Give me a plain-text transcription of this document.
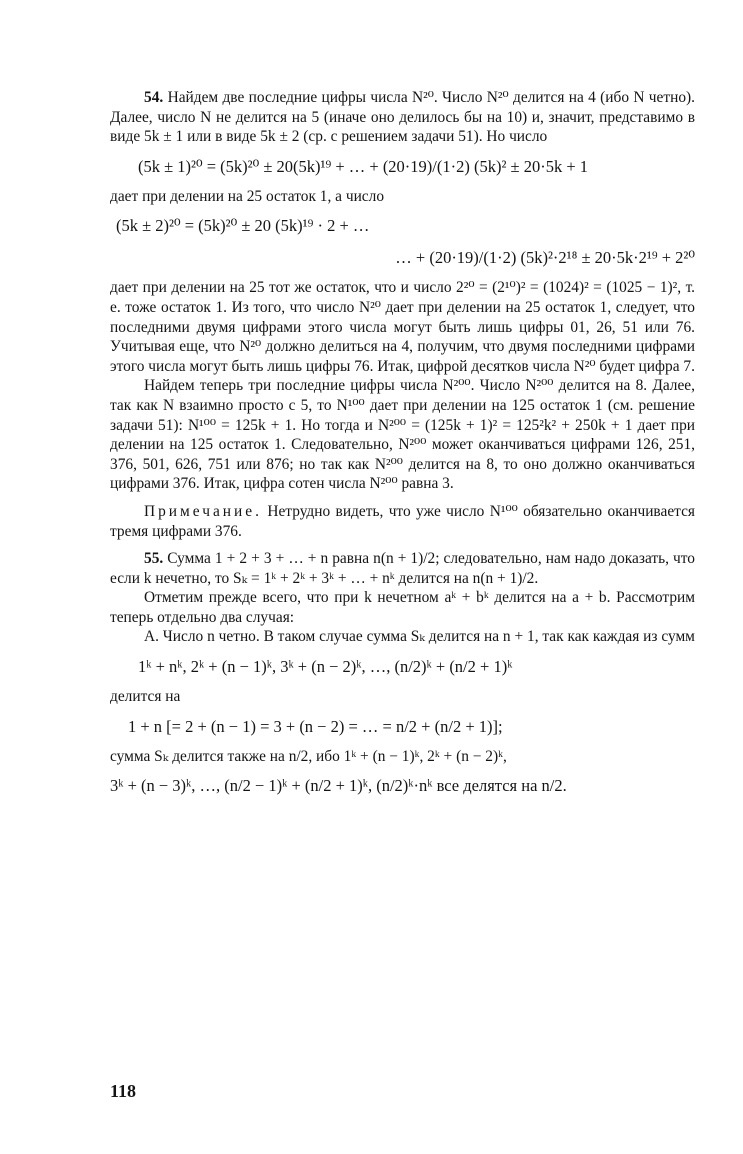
54. Найдем две последние цифры числа N²⁰. Число N²⁰ делится на 4 (ибо N четно). Далее, число N не делится на 5 (иначе оно делилось бы на 10) и, значит, представимо в виде 5k ± 1 или в виде 5k ± 2 (ср. с решением задачи 51). Но число

(5k ± 1)²⁰ = (5k)²⁰ ± 20(5k)¹⁹ + … + (20·19)/(1·2) (5k)² ± 20·5k + 1

дает при делении на 25 остаток 1, а число

(5k ± 2)²⁰ = (5k)²⁰ ± 20 (5k)¹⁹ · 2 + …
… + (20·19)/(1·2) (5k)²·2¹⁸ ± 20·5k·2¹⁹ + 2²⁰

дает при делении на 25 тот же остаток, что и число 2²⁰ = (2¹⁰)² = (1024)² = (1025 − 1)², т. е. тоже остаток 1. Из того, что число N²⁰ дает при делении на 25 остаток 1, следует, что последними двумя цифрами этого числа могут быть лишь цифры 01, 26, 51 или 76. Учитывая еще, что N²⁰ должно делиться на 4, получим, что двумя последними цифрами этого числа могут быть лишь цифры 76. Итак, цифрой десятков числа N²⁰ будет цифра 7.

Найдем теперь три последние цифры числа N²⁰⁰. Число N²⁰⁰ делится на 8. Далее, так как N взаимно просто с 5, то N¹⁰⁰ дает при делении на 125 остаток 1 (см. решение задачи 51): N¹⁰⁰ = 125k + 1. Но тогда и N²⁰⁰ = (125k + 1)² = 125²k² + 250k + 1 дает при делении на 125 остаток 1. Следовательно, N²⁰⁰ может оканчиваться цифрами 126, 251, 376, 501, 626, 751 или 876; но так как N²⁰⁰ делится на 8, то оно должно оканчиваться цифрами 376. Итак, цифра сотен числа N²⁰⁰ равна 3.

Примечание. Нетрудно видеть, что уже число N¹⁰⁰ обязательно оканчивается тремя цифрами 376.

55. Сумма 1 + 2 + 3 + … + n равна n(n + 1)/2; следовательно, нам надо доказать, что если k нечетно, то Sₖ = 1ᵏ + 2ᵏ + 3ᵏ + … + nᵏ делится на n(n + 1)/2.

Отметим прежде всего, что при k нечетном aᵏ + bᵏ делится на a + b. Рассмотрим теперь отдельно два случая:

А. Число n четно. В таком случае сумма Sₖ делится на n + 1, так как каждая из сумм

1ᵏ + nᵏ, 2ᵏ + (n − 1)ᵏ, 3ᵏ + (n − 2)ᵏ, …, (n/2)ᵏ + (n/2 + 1)ᵏ

делится на

1 + n [= 2 + (n − 1) = 3 + (n − 2) = … = n/2 + (n/2 + 1)];

сумма Sₖ делится также на n/2, ибо 1ᵏ + (n − 1)ᵏ, 2ᵏ + (n − 2)ᵏ,

3ᵏ + (n − 3)ᵏ, …, (n/2 − 1)ᵏ + (n/2 + 1)ᵏ, (n/2)ᵏ·nᵏ все делятся на n/2.
118
